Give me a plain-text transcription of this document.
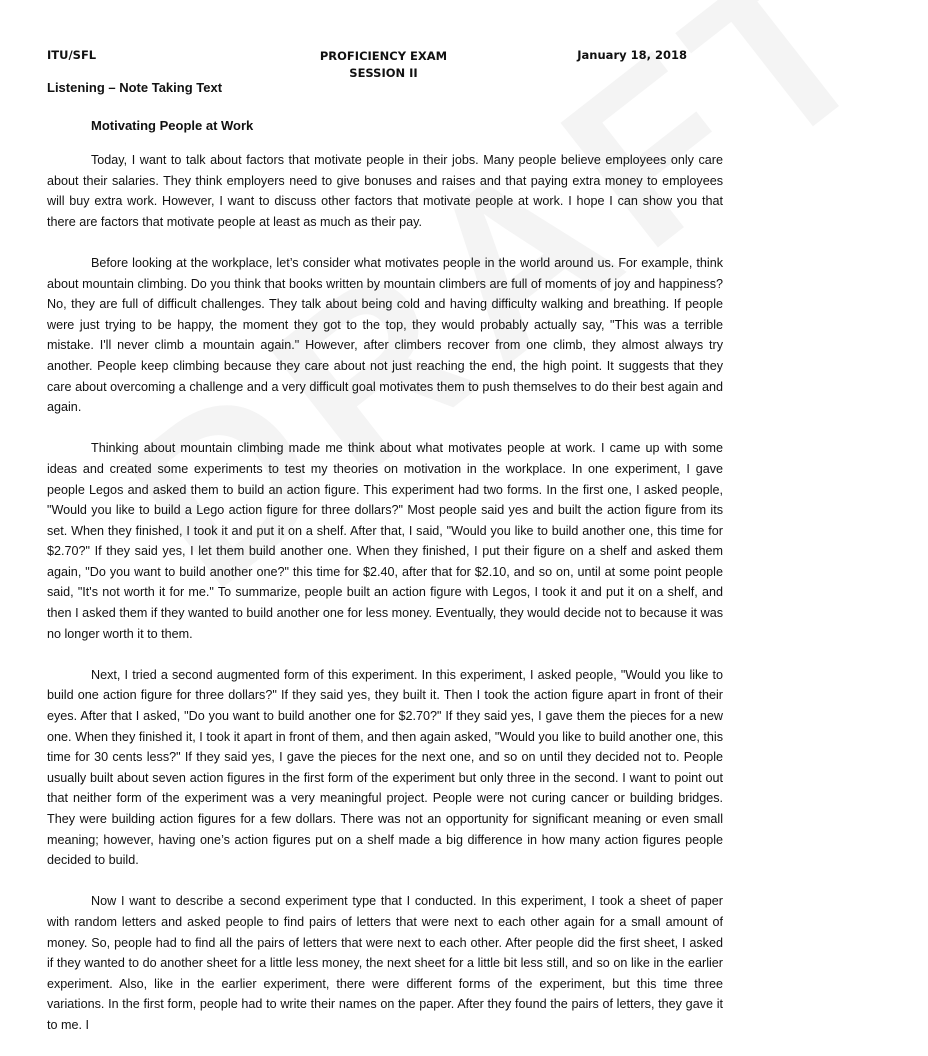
ITU/SFL	PROFICIENCY EXAM
SESSION II
January 18, 2018
Listening – Note Taking Text
Motivating People at Work

Today, I want to talk about factors that motivate people in their jobs. Many people believe employees only care about their salaries. They think employers need to give bonuses and raises and that paying extra money to employees will buy extra work. However, I want to discuss other factors that motivate people at work. I hope I can show you that there are factors that motivate people at least as much as their pay.

Before looking at the workplace, let’s consider what motivates people in the world around us. For example, think about mountain climbing. Do you think that books written by mountain climbers are full of moments of joy and happiness? No, they are full of difficult challenges. They talk about being cold and having difficulty walking and breathing. If people were just trying to be happy, the moment they got to the top, they would probably actually say, "This was a terrible mistake. I'll never climb a mountain again." However, after climbers recover from one climb, they almost always try another. People keep climbing because they care about not just reaching the end, the high point. It suggests that they care about overcoming a challenge and a very difficult goal motivates them to push themselves to do their best again and again.

Thinking about mountain climbing made me think about what motivates people at work. I came up with some ideas and created some experiments to test my theories on motivation in the workplace. In one experiment, I gave people Legos and asked them to build an action figure. This experiment had two forms. In the first one, I asked people, "Would you like to build a Lego action figure for three dollars?" Most people said yes and built the action figure from its set. When they finished, I took it and put it on a shelf. After that, I said, "Would you like to build another one, this time for $2.70?" If they said yes, I let them build another one. When they finished, I put their figure on a shelf and asked them again, "Do you want to build another one?" this time for $2.40, after that for $2.10, and so on, until at some point people said, "It's not worth it for me." To summarize, people built an action figure with Legos, I took it and put it on a shelf, and then I asked them if they wanted to build another one for less money. Eventually, they would decide not to because it was no longer worth it to them.

Next, I tried a second augmented form of this experiment. In this experiment, I asked people, "Would you like to build one action figure for three dollars?" If they said yes, they built it. Then I took the action figure apart in front of their eyes. After that I asked, "Do you want to build another one for $2.70?" If they said yes, I gave them the pieces for a new one. When they finished it, I took it apart in front of them, and then again asked, "Would you like to build another one, this time for 30 cents less?" If they said yes, I gave the pieces for the next one, and so on until they decided not to. People usually built about seven action figures in the first form of the experiment but only three in the second. I want to point out that neither form of the experiment was a very meaningful project. People were not curing cancer or building bridges. They were building action figures for a few dollars. There was not an opportunity for significant meaning or even small meaning; however, having one’s action figures put on a shelf made a big difference in how many action figures people decided to build.

Now I want to describe a second experiment type that I conducted. In this experiment, I took a sheet of paper with random letters and asked people to find pairs of letters that were next to each other again for a small amount of money. So, people had to find all the pairs of letters that were next to each other. After people did the first sheet, I asked if they wanted to do another sheet for a little less money, the next sheet for a little bit less still, and so on like in the earlier experiment. Also, like in the earlier experiment, there were different forms of the experiment, but this time three variations. In the first form, people had to write their names on the paper. After they found the pairs of letters, they gave it to me. I
